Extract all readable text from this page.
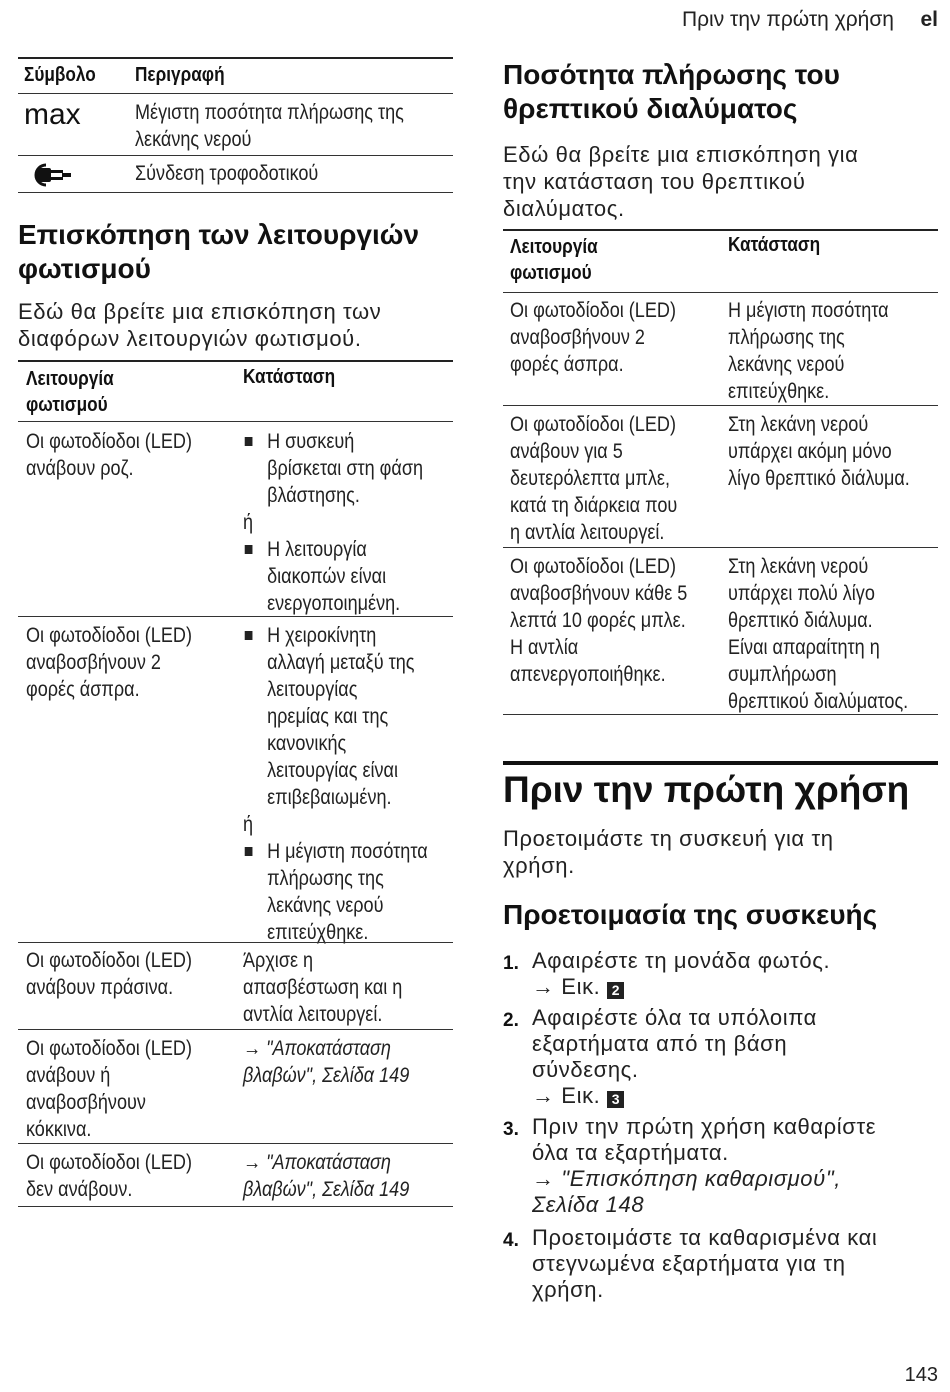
Πριν την πρώτη χρήση el
Σύμβολο Περιγραφή
max	Μέγιστη ποσότητα πλήρωσης της
λεκάνης νερού
Σύνδεση τροφοδοτικού
Επισκόπηση των λειτουργιών
φωτισμού
Εδώ θα βρείτε μια επισκόπηση των
διαφόρων λειτουργιών φωτισμού.
Λειτουργία
φωτισμού
Κατάσταση
Οι φωτοδίοδοι (LED)
ανάβουν ροζ.
Η συσκευή
βρίσκεται στη φάση
βλάστησης.
ή
Η λειτουργία
διακοπών είναι
ενεργοποιημένη.
Οι φωτοδίοδοι (LED)
αναβοσβήνουν 2
φορές άσπρα.
Η χειροκίνητη
αλλαγή μεταξύ της
λειτουργίας
ηρεμίας και της
κανονικής
λειτουργίας είναι
επιβεβαιωμένη.
ή
Η μέγιστη ποσότητα
πλήρωσης της
λεκάνης νερού
επιτεύχθηκε.
Οι φωτοδίοδοι (LED)
ανάβουν πράσινα.
Άρχισε η
απασβέστωση και η
αντλία λειτουργεί.
Οι φωτοδίοδοι (LED)
ανάβουν ή
αναβοσβήνουν
κόκκινα.
→ "Αποκατάσταση
βλαβών", Σελίδα 149
Οι φωτοδίοδοι (LED)
δεν ανάβουν.
→ "Αποκατάσταση
βλαβών", Σελίδα 149
Ποσότητα πλήρωσης του
θρεπτικού διαλύματος
Εδώ θα βρείτε μια επισκόπηση για
την κατάσταση του θρεπτικού
διαλύματος.
Λειτουργία
φωτισμού
Κατάσταση
Οι φωτοδίοδοι (LED)
αναβοσβήνουν 2
φορές άσπρα.
Η μέγιστη ποσότητα
πλήρωσης της
λεκάνης νερού
επιτεύχθηκε.
Οι φωτοδίοδοι (LED)
ανάβουν για 5
δευτερόλεπτα μπλε,
κατά τη διάρκεια που
η αντλία λειτουργεί.
Στη λεκάνη νερού
υπάρχει ακόμη μόνο
λίγο θρεπτικό διάλυμα.
Οι φωτοδίοδοι (LED)
αναβοσβήνουν κάθε 5
λεπτά 10 φορές μπλε.
Η αντλία
απενεργοποιήθηκε.
Στη λεκάνη νερού
υπάρχει πολύ λίγο
θρεπτικό διάλυμα.
Είναι απαραίτητη η
συμπλήρωση
θρεπτικού διαλύματος.
Πριν την πρώτη χρήση
Προετοιμάστε τη συσκευή για τη
χρήση.
Προετοιμασία της συσκευής
1. Αφαιρέστε τη μονάδα φωτός.
→ Εικ. 2
2. Αφαιρέστε όλα τα υπόλοιπα
εξαρτήματα από τη βάση
σύνδεσης.
→ Εικ. 3
3. Πριν την πρώτη χρήση καθαρίστε
όλα τα εξαρτήματα.
→ "Επισκόπηση καθαρισμού",
Σελίδα 148
4. Προετοιμάστε τα καθαρισμένα και
στεγνωμένα εξαρτήματα για τη
χρήση.
143
